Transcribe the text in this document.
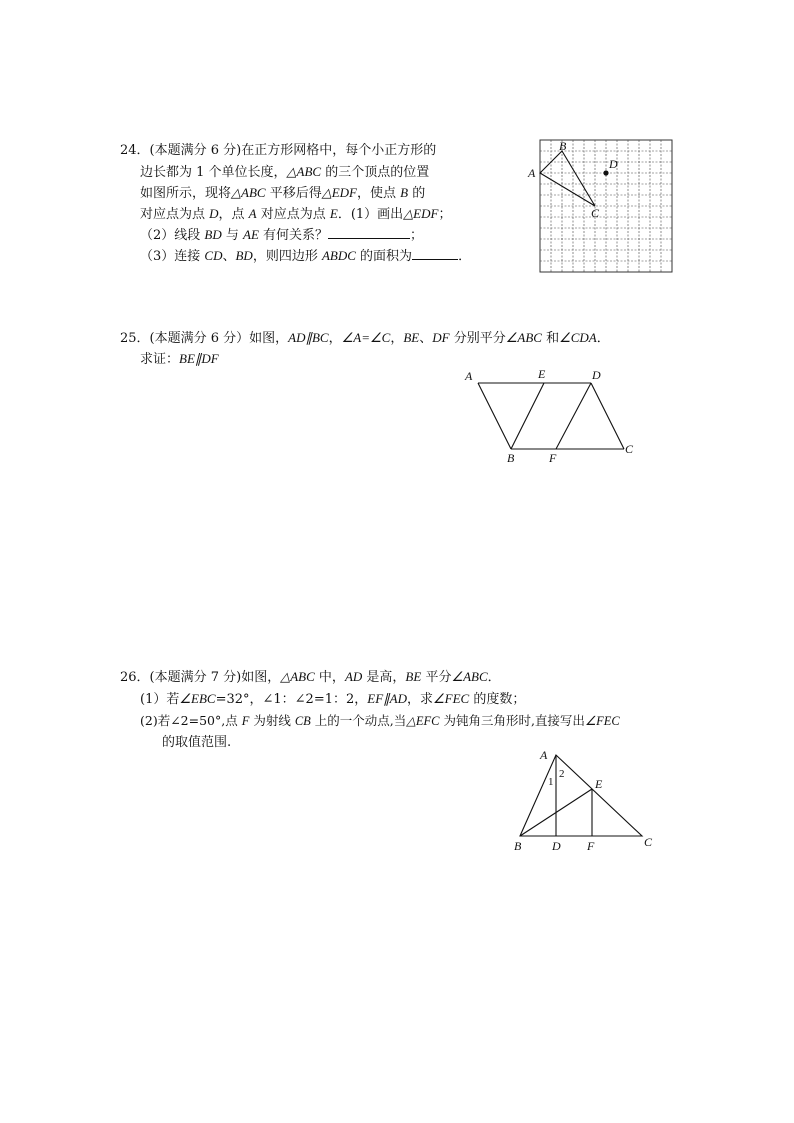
24．(本题满分 6 分)在正方形网格中，每个小正方形的
边长都为 1 个单位长度，△ABC 的三个顶点的位置
如图所示，现将△ABC 平移后得△EDF，使点 B 的
对应点为点 D，点 A 对应点为点 E．(1）画出△EDF；
（2）线段 BD 与 AE 有何关系？	；
（3）连接 CD、BD，则四边形 ABDC 的面积为	．
A
B
C
D
25．(本题满分 6 分）如图，AD∥BC，∠A=∠C，BE、DF 分别平分∠ABC 和∠CDA．
求证：BE∥DF
A	E	D
B	F
C
26．(本题满分 7 分)如图，△ABC 中，AD 是高，BE 平分∠ABC．
(1）若∠EBC=32°，∠1：∠2=1：2，EF∥AD，求∠FEC 的度数；
(2)若∠2=50°,点 F 为射线 CB 上的一个动点,当△EFC 为钝角三角形时,直接写出∠FEC
的取值范围.
A
E
B	D F	C
1
2
